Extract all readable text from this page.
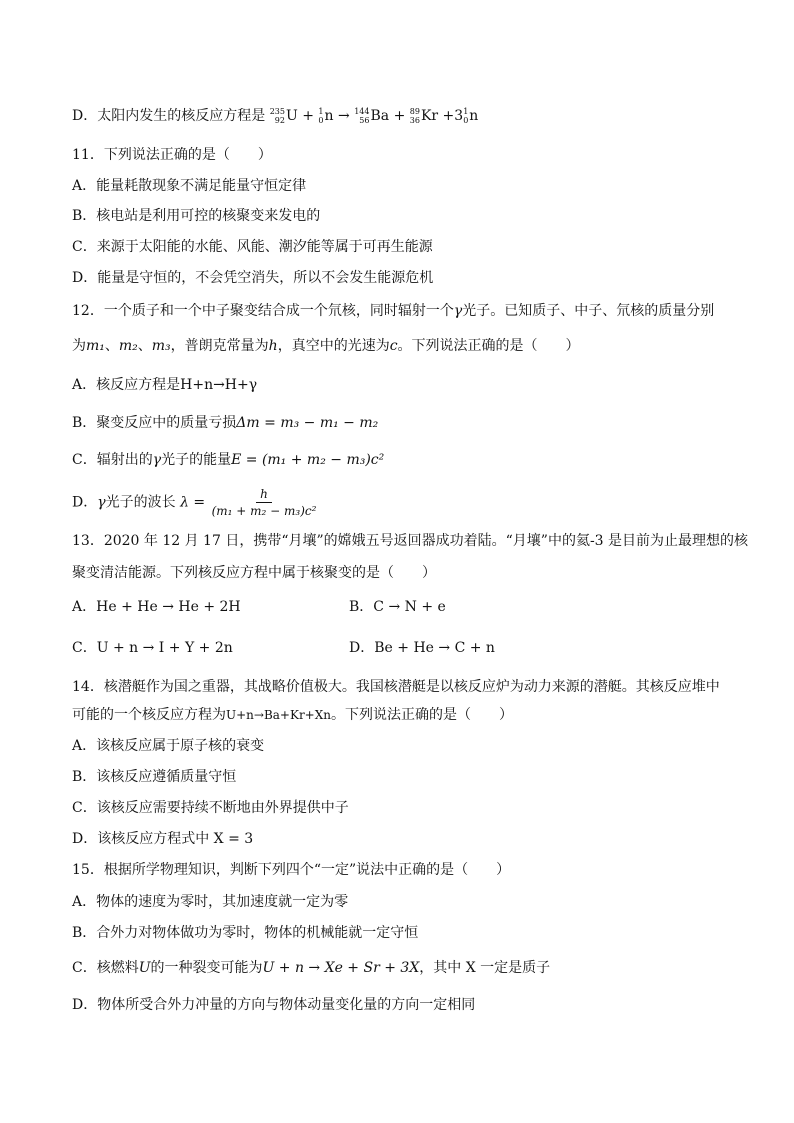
D．太阳内发生的核反应方程是 235
92 U + 1
0 n → 144
56 Ba + 89
36 Kr +3 1
0 n
11．下列说法正确的是（　　）
A．能量耗散现象不满足能量守恒定律
B．核电站是利用可控的核聚变来发电的
C．来源于太阳能的水能、风能、潮汐能等属于可再生能源
D．能量是守恒的，不会凭空消失，所以不会发生能源危机
12．一个质子和一个中子聚变结合成一个氘核，同时辐射一个γ光子。已知质子、中子、氘核的质量分别
为m₁、m₂、m₃，普朗克常量为h，真空中的光速为c。下列说法正确的是（　　）
A．核反应方程是H+n→H+γ
B．聚变反应中的质量亏损Δm = m₃ − m₁ − m₂
C．辐射出的γ光子的能量E = (m₁ + m₂ − m₃)c²
D．γ光子的波长 $\lambda = \frac{h}{\text{(m₁ + m₂ − m₃)c²}}$
13．2020 年 12 月 17 日，携带“月壤”的嫦娥五号返回器成功着陆。“月壤”中的氦-3 是目前为止最理想的核
聚变清洁能源。下列核反应方程中属于核聚变的是（　　）
A．He + He → He + 2H	B．C → N + e
C．U + n → I + Y + 2n	D．Be + He → C + n
14．核潜艇作为国之重器，其战略价值极大。我国核潜艇是以核反应炉为动力来源的潜艇。其核反应堆中
可能的一个核反应方程为U+n→Ba+Kr+Xn。下列说法正确的是（　　）
A．该核反应属于原子核的衰变
B．该核反应遵循质量守恒
C．该核反应需要持续不断地由外界提供中子
D．该核反应方程式中 X = 3
15．根据所学物理知识，判断下列四个“一定”说法中正确的是（　　）
A．物体的速度为零时，其加速度就一定为零
B．合外力对物体做功为零时，物体的机械能就一定守恒
C．核燃料U的一种裂变可能为U + n → Xe + Sr + 3X，其中 X 一定是质子
D．物体所受合外力冲量的方向与物体动量变化量的方向一定相同
